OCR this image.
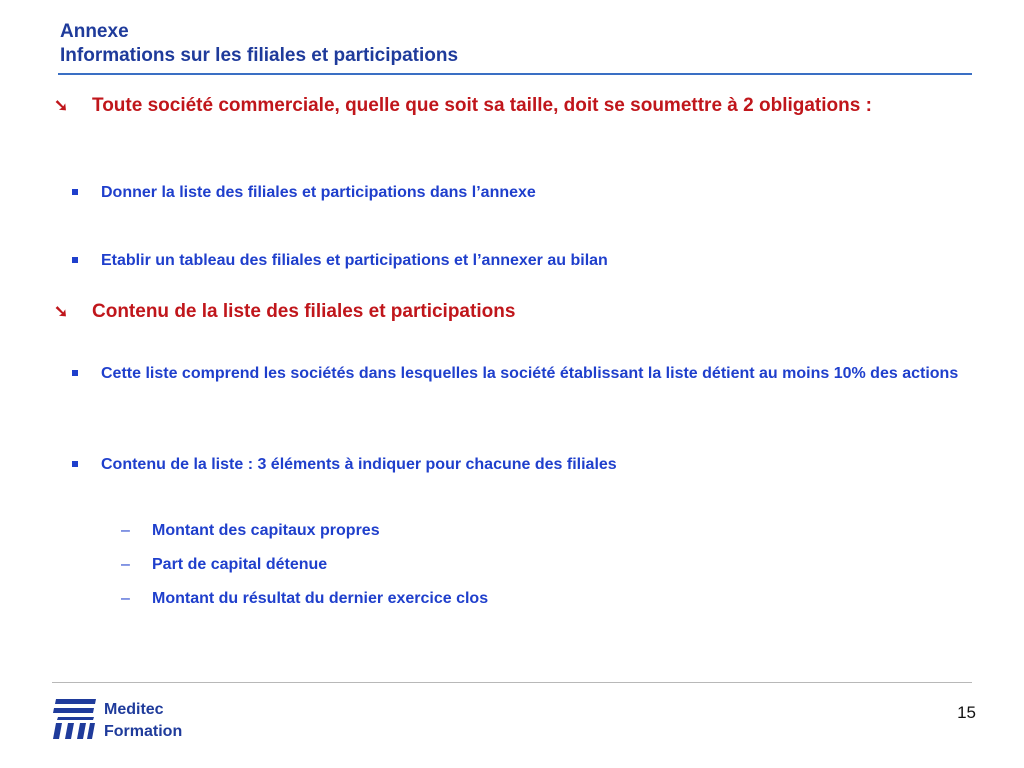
Annexe
Informations sur les filiales et participations
➘ Toute société commerciale, quelle que soit sa taille, doit se soumettre à 2 obligations :
Donner la liste des filiales et participations dans l’annexe
Etablir un tableau des filiales et participations et l’annexer au bilan
➘ Contenu de la liste des filiales et participations
Cette liste comprend les sociétés dans lesquelles la société établissant la liste détient au moins 10% des actions
Contenu de la liste : 3 éléments à indiquer pour chacune des filiales
– Montant des capitaux propres
– Part de capital détenue
– Montant du résultat du dernier exercice clos
Meditec
Formation
15
